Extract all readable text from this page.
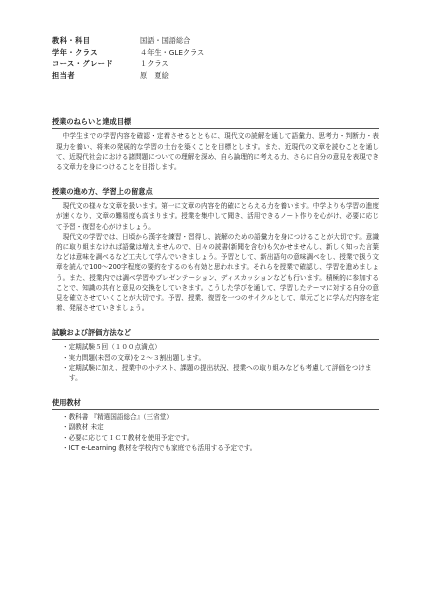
教科・科目	国語・国語総合
学年・クラス	４年生・GLEクラス
コース・グレード	１クラス
担当者	原　夏絵
授業のねらいと達成目標

中学生までの学習内容を確認・定着させるとともに、現代文の読解を通して語彙力、思考力・判断力・表現力を養い、将来の発展的な学習の土台を築くことを目標とします。また、近現代の文章を読むことを通して、近現代社会における諸問題についての理解を深め、自ら論理的に考える力、さらに自分の意見を表現できる文章力を身につけることを目指します。

授業の進め方、学習上の留意点

現代文の様々な文章を扱います。第一に文章の内容を的確にとらえる力を養います。中学よりも学習の進度が速くなり、文章の難易度も高まります。授業を集中して聞き、活用できるノート作りを心がけ、必要に応じて予習・復習を心がけましょう。

現代文の学習では、日頃から漢字を練習・習得し、読解のための語彙力を身につけることが大切です。意識的に取り組まなければ語彙は増えませんので、日々の読書(新聞を含む)も欠かせませんし、新しく知った言葉などは意味を調べるなど工夫して学んでいきましょう。予習として、新出語句の意味調べをし、授業で扱う文章を読んで100～200字程度の要約をするのも有効と思われます。それらを授業で確認し、学習を進めましょう。また、授業内では調べ学習やプレゼンテーション、ディスカッションなども行います。積極的に参加することで、知識の共有と意見の交換をしていきます。こうした学びを通して、学習したテーマに対する自分の意見を確立させていくことが大切です。予習、授業、復習を一つのサイクルとして、単元ごとに学んだ内容を定着、発展させていきましょう。

試験および評価方法など
・ 定期試験５回（１００点満点）
・ 実力問題(未習の文章)を２～３割出題します。
・ 定期試験に加え、授業中の小テスト、課題の提出状況、授業への取り組みなども考慮して評価をつけます。
使用教材
・ 教科書 『精選国語総合』（三省堂）
・ 副教材 未定
・ 必要に応じてＩＣＴ教材を使用予定です。
・ ICT e-Learning 教材を学校内でも家庭でも活用する予定です。
